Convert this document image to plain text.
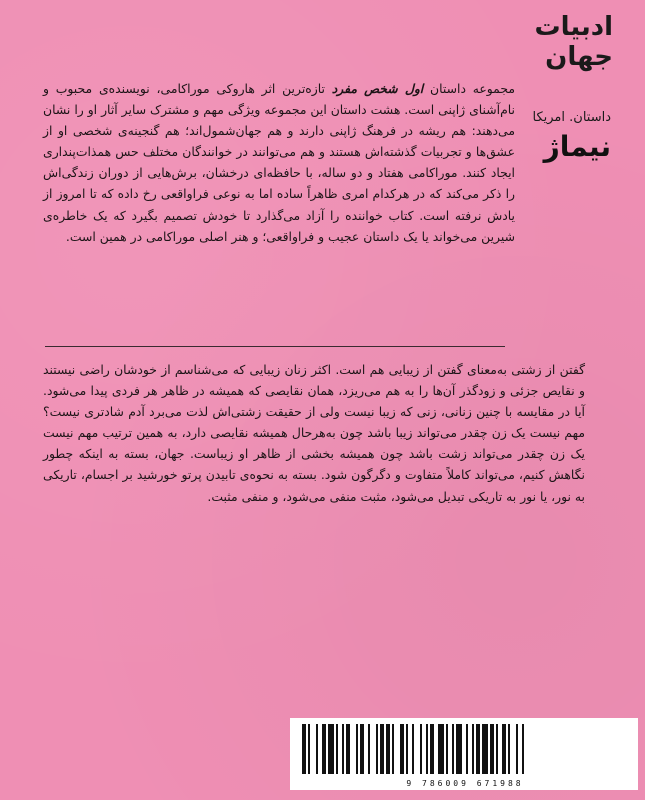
ادبیات
جهان
داستان. امریکا
نیماژ

مجموعه داستان اول شخص مفرد تازه‌ترین اثر هاروکی موراکامی، نویسنده‌ی محبوب و نام‌آشنای ژاپنی است. هشت داستان این مجموعه ویژگی مهم و مشترک سایر آثار او را نشان می‌دهند: هم ریشه در فرهنگ ژاپنی دارند و هم جهان‌شمول‌اند؛ هم گنجینه‌ی شخصی او از عشق‌ها و تجربیات گذشته‌اش هستند و هم می‌توانند در خوانندگان مختلف حس همذات‌پنداری ایجاد کنند. موراکامی هفتاد و دو ساله، با حافظه‌ای درخشان، برش‌هایی از دوران زندگی‌اش را ذکر می‌کند که در هرکدام امری ظاهراً ساده اما به نوعی فراواقعی رخ داده که تا امروز از یادش نرفته است. کتاب خواننده را آزاد می‌گذارد تا خودش تصمیم بگیرد که یک خاطره‌ی شیرین می‌خواند یا یک داستان عجیب و فراواقعی؛ و هنر اصلی موراکامی در همین است.

گفتن از زشتی به‌معنای گفتن از زیبایی هم است. اکثر زنان زیبایی که می‌شناسم از خودشان راضی نیستند و نقایص جزئی و زودگذر آن‌ها را به هم می‌ریزد، همان نقایصی که همیشه در ظاهر هر فردی پیدا می‌شود. آیا در مقایسه با چنین زنانی، زنی که زیبا نیست ولی از حقیقت زشتی‌اش لذت می‌برد آدم شادتری نیست؟ مهم نیست یک زن چقدر می‌تواند زیبا باشد چون به‌هرحال همیشه نقایصی دارد، به همین ترتیب مهم نیست یک زن چقدر می‌تواند زشت باشد چون همیشه بخشی از ظاهر او زیباست. جهان، بسته به اینکه چطور نگاهش کنیم، می‌تواند کاملاً متفاوت و دگرگون شود. بسته به نحوه‌ی تابیدن پرتو خورشید بر اجسام، تاریکی به نور، یا نور به تاریکی تبدیل می‌شود، مثبت منفی می‌شود، و منفی مثبت.

9 786009 671988
